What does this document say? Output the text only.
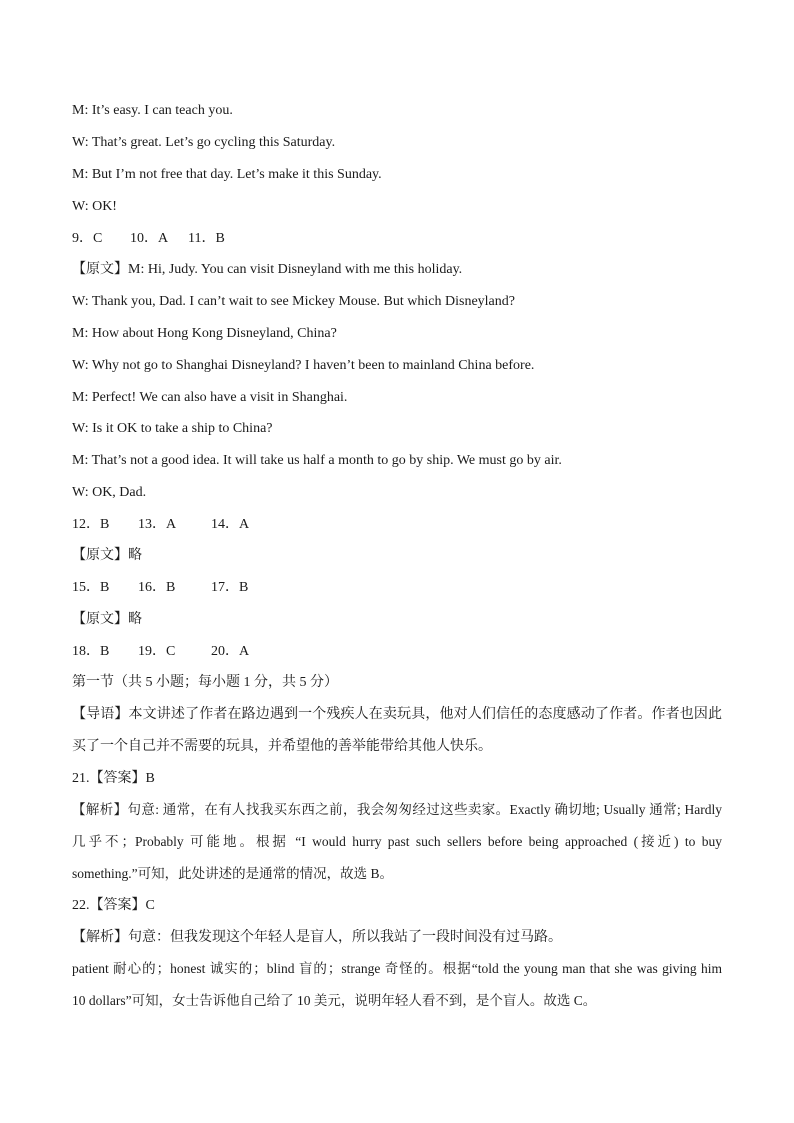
M: It’s easy. I can teach you.
W: That’s great. Let’s go cycling this Saturday.
M: But I’m not free that day. Let’s make it this Sunday.
W: OK!
9．C 10．A 11．B
【原文】M: Hi, Judy. You can visit Disneyland with me this holiday.
W: Thank you, Dad. I can’t wait to see Mickey Mouse. But which Disneyland?
M: How about Hong Kong Disneyland, China?
W: Why not go to Shanghai Disneyland? I haven’t been to mainland China before.
M: Perfect! We can also have a visit in Shanghai.
W: Is it OK to take a ship to China?
M: That’s not a good idea. It will take us half a month to go by ship. We must go by air.
W: OK, Dad.
12．B 13．A 14．A
【原文】略
15．B 16．B	17．B
【原文】略
18．B 19．C	20．A
第一节（共 5 小题；每小题 1 分，共 5 分）
【导语】本文讲述了作者在路边遇到一个残疾人在卖玩具，他对人们信任的态度感动了作者。作者也因此
买了一个自己并不需要的玩具，并希望他的善举能带给其他人快乐。
21.【答案】B
【解析】句意: 通常，在有人找我买东西之前，我会匆匆经过这些卖家。Exactly 确切地; Usually 通常; Hardly
几乎不；Probably 可能地。根据 “I would hurry past such sellers before being approached (接近) to buy
something.”可知，此处讲述的是通常的情况，故选 B。
22.【答案】C
【解析】句意：但我发现这个年轻人是盲人，所以我站了一段时间没有过马路。
patient 耐心的；honest 诚实的；blind 盲的；strange 奇怪的。根据“told the young man that she was giving him
10 dollars”可知，女士告诉他自己给了 10 美元，说明年轻人看不到，是个盲人。故选 C。
